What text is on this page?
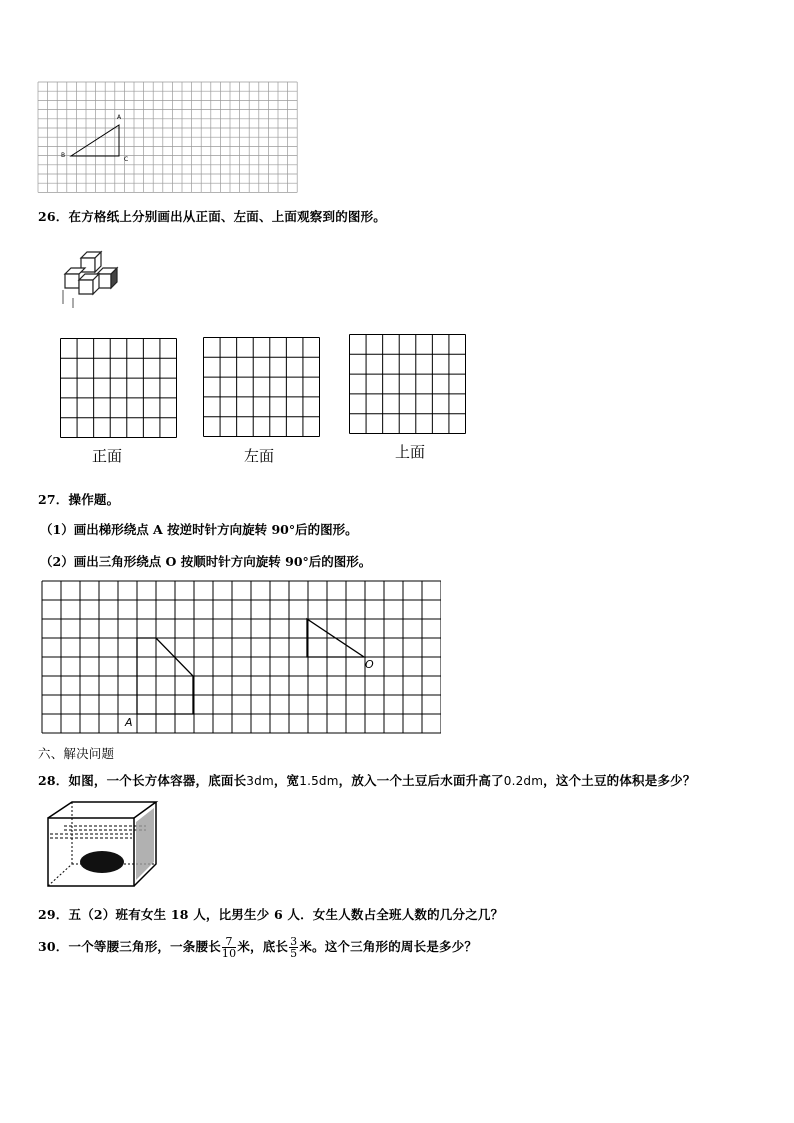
A
B
C
26．在方格纸上分别画出从正面、左面、上面观察到的图形。
正面	左面	上面
27．操作题。
（1）画出梯形绕点 A 按逆时针方向旋转 90°后的图形。
（2）画出三角形绕点 O 按顺时针方向旋转 90°后的图形。
A
O
六、解决问题
28．如图，一个长方体容器，底面长3dm，宽1.5dm，放入一个土豆后水面升高了0.2dm，这个土豆的体积是多少？
29．五（2）班有女生 18 人，比男生少 6 人．女生人数占全班人数的几分之几？
30．一个等腰三角形，一条腰长 $\frac{7}{10}$ 米，底长 $\frac{3}{5}$ 米。这个三角形的周长是多少？
